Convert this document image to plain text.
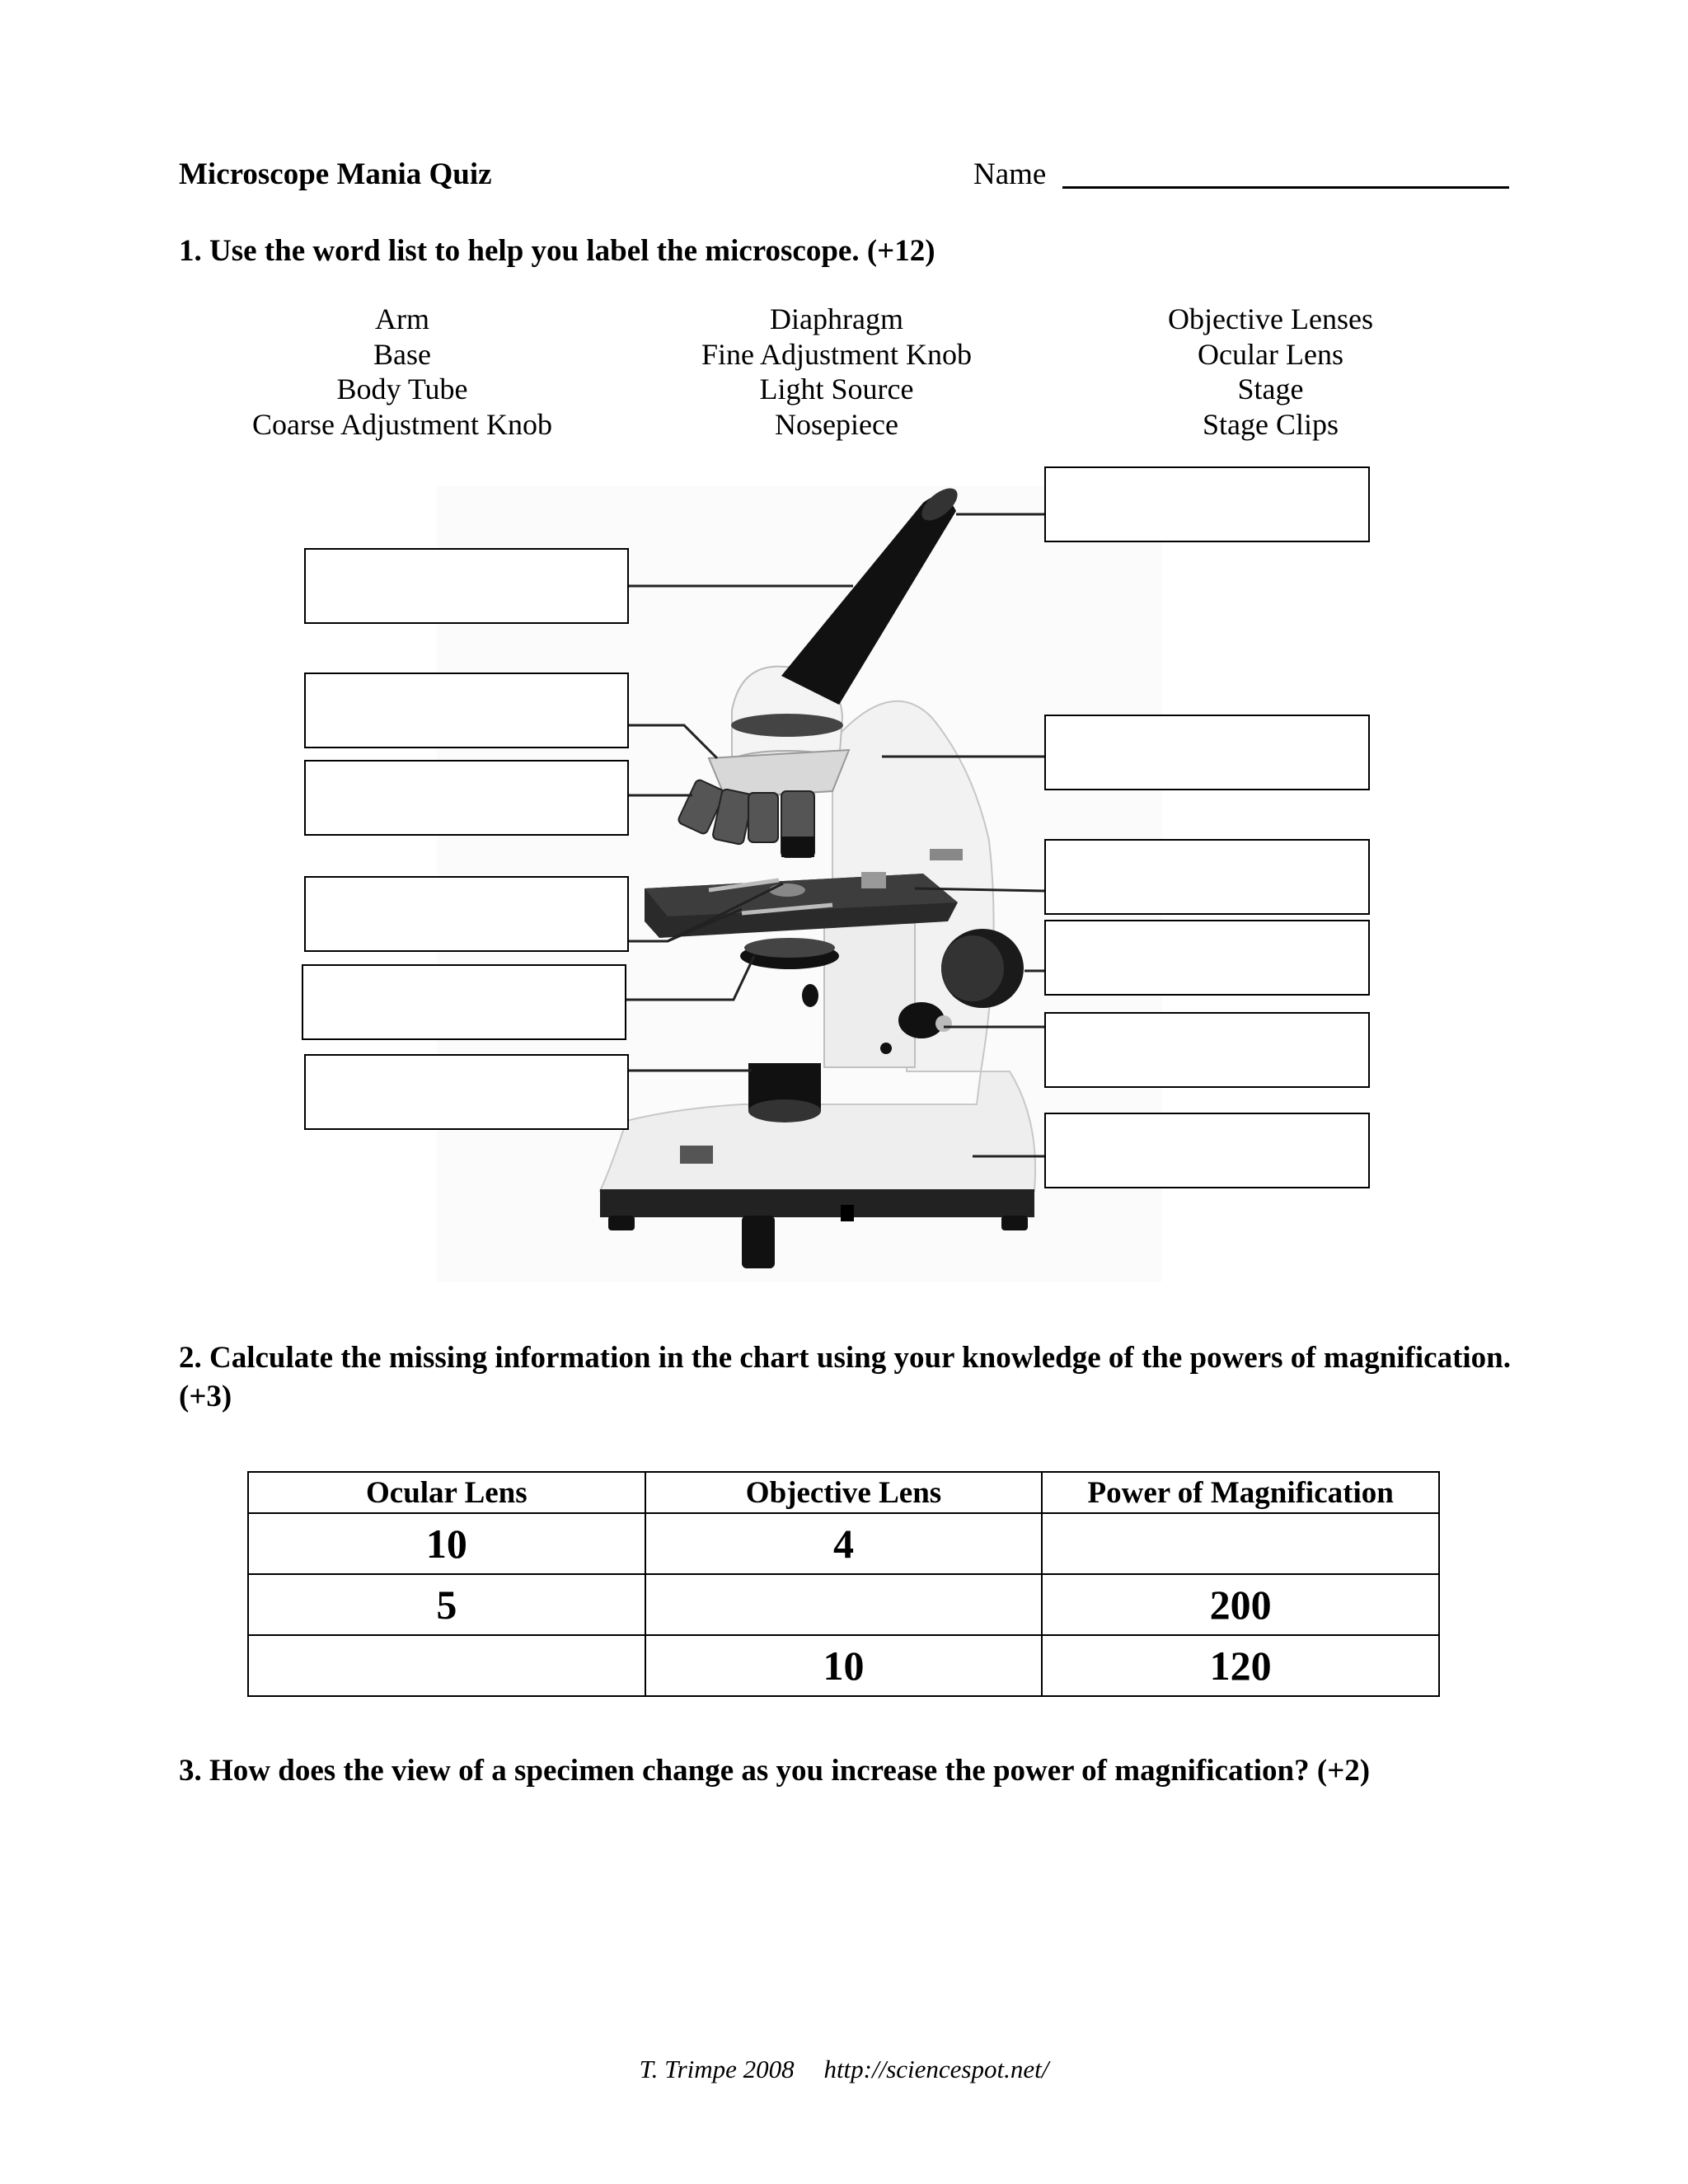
Microscope Mania Quiz	Name
1. Use the word list to help you label the microscope. (+12)
Arm
Base
Body Tube
Coarse Adjustment Knob
Diaphragm
Fine Adjustment Knob
Light Source
Nosepiece
Objective Lenses
Ocular Lens
Stage
Stage Clips
2. Calculate the missing information in the chart using your knowledge of the powers of magnification. (+3)
Ocular Lens	Objective Lens	Power of Magnification
10	4	
5		200
	10	120
3. How does the view of a specimen change as you increase the power of magnification? (+2)
T. Trimpe 2008 http://sciencespot.net/
